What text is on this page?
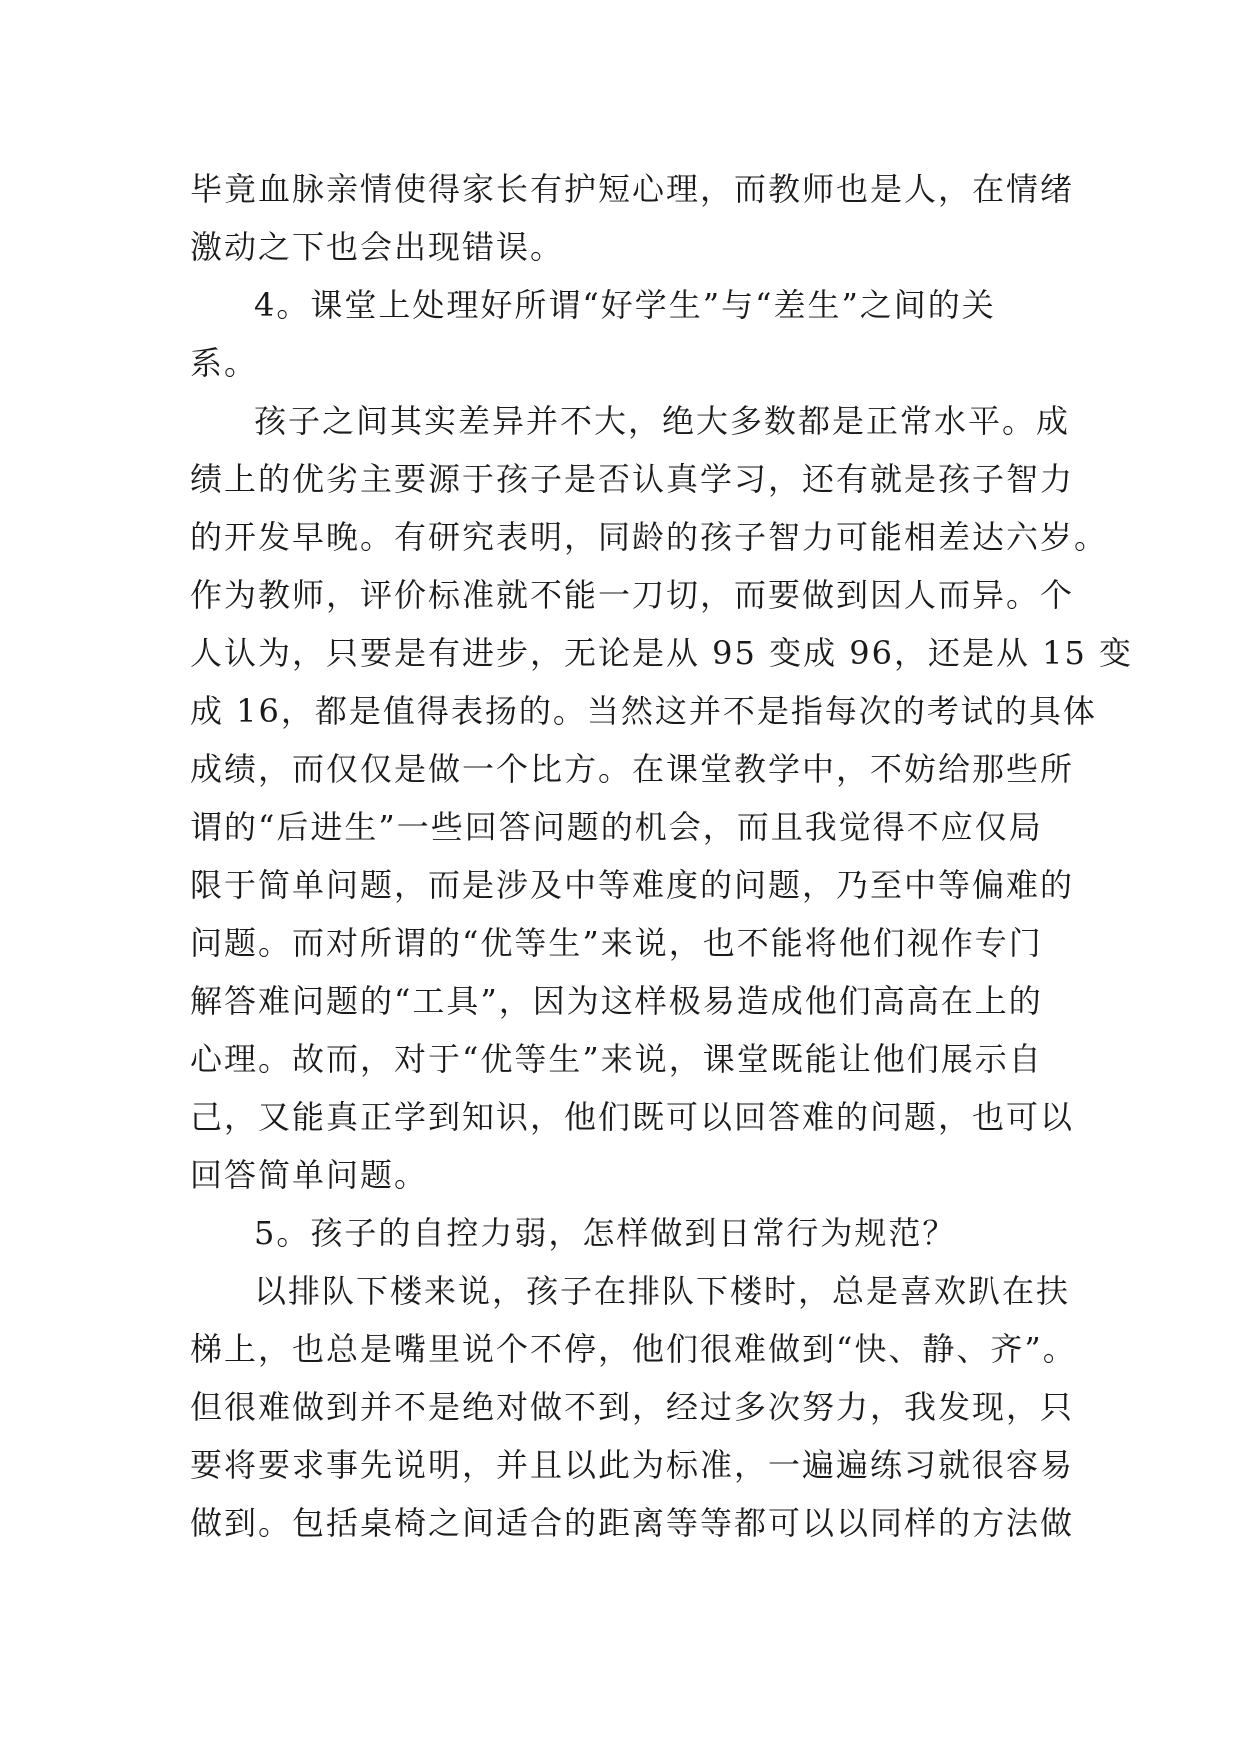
毕竟血脉亲情使得家长有护短心理，而教师也是人，在情绪
激动之下也会出现错误。
4。课堂上处理好所谓“好学生”与“差生”之间的关
系。
孩子之间其实差异并不大，绝大多数都是正常水平。成
绩上的优劣主要源于孩子是否认真学习，还有就是孩子智力
的开发早晚。有研究表明，同龄的孩子智力可能相差达六岁。
作为教师，评价标准就不能一刀切，而要做到因人而异。个
人认为，只要是有进步，无论是从 95 变成 96，还是从 15 变
成 16，都是值得表扬的。当然这并不是指每次的考试的具体
成绩，而仅仅是做一个比方。在课堂教学中，不妨给那些所
谓的“后进生”一些回答问题的机会，而且我觉得不应仅局
限于简单问题，而是涉及中等难度的问题，乃至中等偏难的
问题。而对所谓的“优等生”来说，也不能将他们视作专门
解答难问题的“工具”，因为这样极易造成他们高高在上的
心理。故而，对于“优等生”来说，课堂既能让他们展示自
己，又能真正学到知识，他们既可以回答难的问题，也可以
回答简单问题。
5。孩子的自控力弱，怎样做到日常行为规范？
以排队下楼来说，孩子在排队下楼时，总是喜欢趴在扶
梯上，也总是嘴里说个不停，他们很难做到“快、静、齐”。
但很难做到并不是绝对做不到，经过多次努力，我发现，只
要将要求事先说明，并且以此为标准，一遍遍练习就很容易
做到。包括桌椅之间适合的距离等等都可以以同样的方法做
